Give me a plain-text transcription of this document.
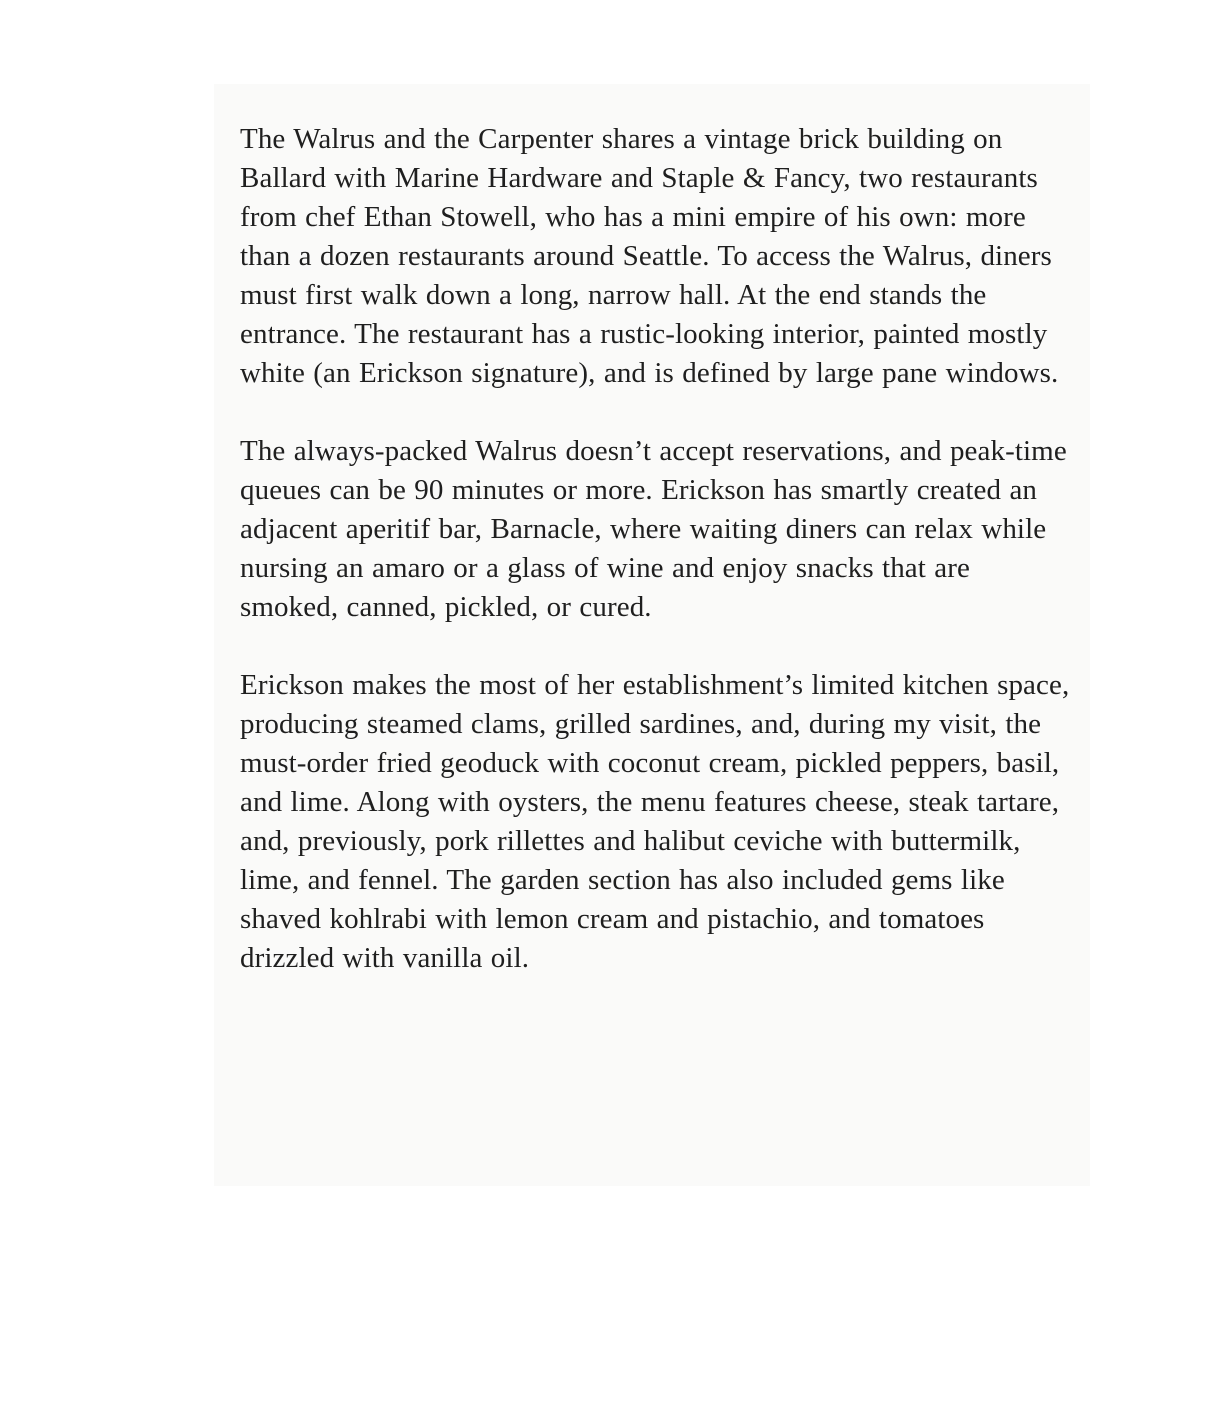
The Walrus and the Carpenter shares a vintage brick building on Ballard with Marine Hardware and Staple & Fancy, two restaurants from chef Ethan Stowell, who has a mini empire of his own: more than a dozen restaurants around Seattle. To access the Walrus, diners must first walk down a long, narrow hall. At the end stands the entrance. The restaurant has a rustic-looking interior, painted mostly white (an Erickson signature), and is defined by large pane windows.

The always-packed Walrus doesn’t accept reservations, and peak-time queues can be 90 minutes or more. Erickson has smartly created an adjacent aperitif bar, Barnacle, where waiting diners can relax while nursing an amaro or a glass of wine and enjoy snacks that are smoked, canned, pickled, or cured.

Erickson makes the most of her establishment’s limited kitchen space, producing steamed clams, grilled sardines, and, during my visit, the must-order fried geoduck with coconut cream, pickled peppers, basil, and lime. Along with oysters, the menu features cheese, steak tartare, and, previously, pork rillettes and halibut ceviche with buttermilk, lime, and fennel. The garden section has also included gems like shaved kohlrabi with lemon cream and pistachio, and tomatoes drizzled with vanilla oil.
